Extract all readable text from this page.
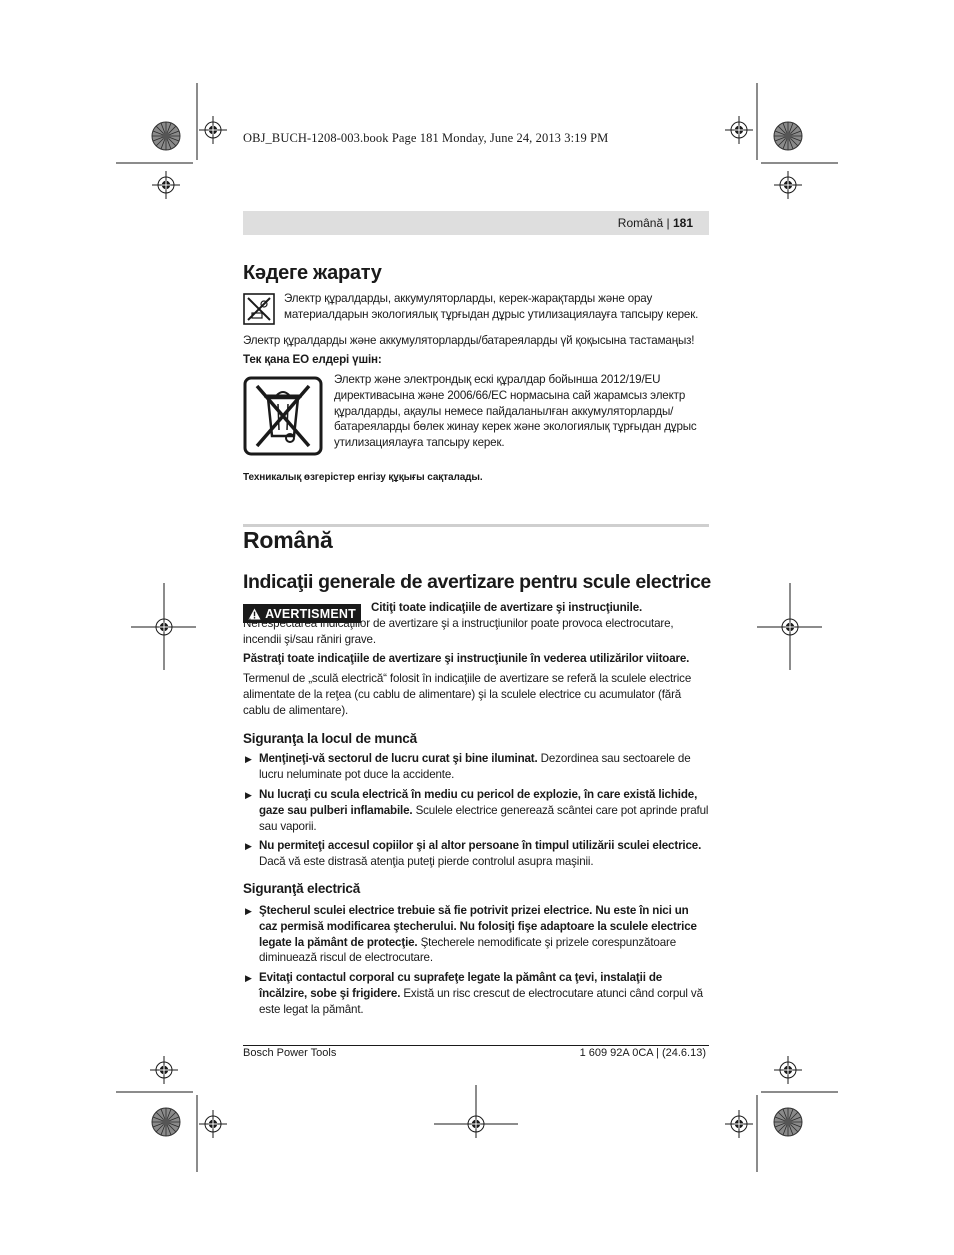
OBJ_BUCH-1208-003.book Page 181 Monday, June 24, 2013 3:19 PM
Română | 181
Кәдеге жарату
Электр құралдарды, аккумуляторларды, керек-жарақтарды және орау материалдарын экологиялық тұрғыдан дұрыс утилизациялауға тапсыру керек.
Электр құралдарды және аккумуляторларды/батареяларды үй қоқысына тастамаңыз!
Тек қана ЕО елдері үшін:
Электр және электрондық ескі құралдар бойынша 2012/19/EU директивасына және 2006/66/ЕС нормасына сай жарамсыз электр құралдарды, ақаулы немесе пайдаланылған аккумуляторларды/батареяларды бөлек жинау керек және экологиялық тұрғыдан дұрыс утилизациялауға тапсыру керек.
Техникалық өзгерістер енгізу құқығы сақталады.
Română
Indicaţii generale de avertizare pentru scule electrice
AVERTISMENT	Citiţi toate indicaţiile de avertizare şi instrucţiunile. Nerespectarea indicaţiilor de avertizare şi a instrucţiunilor poate provoca electrocutare, incendii şi/sau răniri grave.
Păstraţi toate indicaţiile de avertizare şi instrucţiunile în vederea utilizărilor viitoare.
Termenul de „sculă electrică“ folosit în indicaţiile de avertizare se referă la sculele electrice alimentate de la reţea (cu cablu de alimentare) şi la sculele electrice cu acumulator (fără cablu de alimentare).
Siguranţa la locul de muncă
▶ Menţineţi-vă sectorul de lucru curat şi bine iluminat. Dezordinea sau sectoarele de lucru neluminate pot duce la accidente.
▶ Nu lucraţi cu scula electrică în mediu cu pericol de explozie, în care există lichide, gaze sau pulberi inflamabile. Sculele electrice generează scântei care pot aprinde praful sau vaporii.
▶ Nu permiteţi accesul copiilor şi al altor persoane în timpul utilizării sculei electrice. Dacă vă este distrasă atenţia puteţi pierde controlul asupra maşinii.
Siguranţă electrică
▶ Ştecherul sculei electrice trebuie să fie potrivit prizei electrice. Nu este în nici un caz permisă modificarea ştecherului. Nu folosiţi fişe adaptoare la sculele electrice legate la pământ de protecţie. Ştecherele nemodificate şi prizele corespunzătoare diminuează riscul de electrocutare.
▶ Evitaţi contactul corporal cu suprafeţe legate la pământ ca ţevi, instalaţii de încălzire, sobe şi frigidere. Există un risc crescut de electrocutare atunci când corpul vă este legat la pământ.
Bosch Power Tools	1 609 92A 0CA | (24.6.13)
